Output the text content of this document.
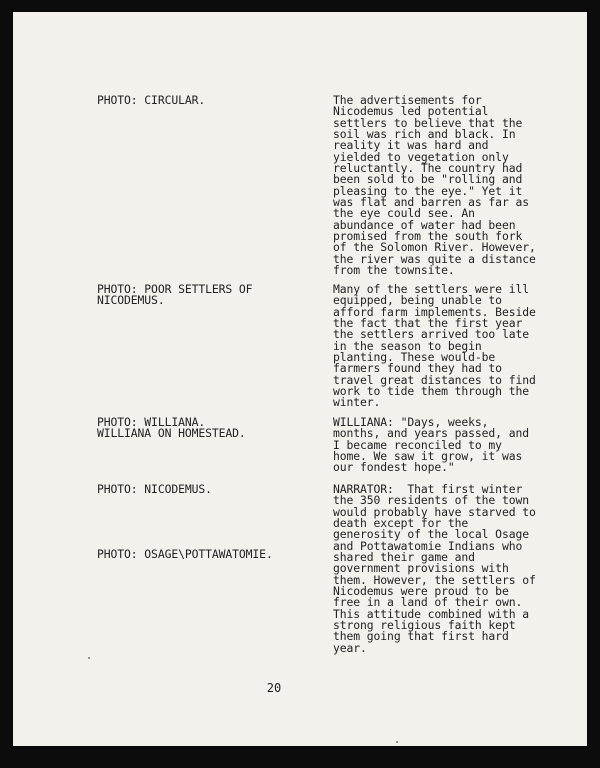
PHOTO: CIRCULAR.	The advertisements for
Nicodemus led potential
settlers to believe that the
soil was rich and black. In
reality it was hard and
yielded to vegetation only
reluctantly. The country had
been sold to be "rolling and
pleasing to the eye." Yet it
was flat and barren as far as
the eye could see. An
abundance of water had been
promised from the south fork
of the Solomon River. However,
the river was quite a distance
from the townsite.
PHOTO: POOR SETTLERS OF
NICODEMUS.
Many of the settlers were ill
equipped, being unable to
afford farm implements. Beside
the fact that the first year
the settlers arrived too late
in the season to begin
planting. These would-be
farmers found they had to
travel great distances to find
work to tide them through the
winter.
PHOTO: WILLIANA.
WILLIANA ON HOMESTEAD.
WILLIANA: "Days, weeks,
months, and years passed, and
I became reconciled to my
home. We saw it grow, it was
our fondest hope."
PHOTO: NICODEMUS.	NARRATOR:  That first winter
the 350 residents of the town
would probably have starved to
death except for the
generosity of the local Osage
and Pottawatomie Indians who
shared their game and
government provisions with
them. However, the settlers of
Nicodemus were proud to be
free in a land of their own.
This attitude combined with a
strong religious faith kept
them going that first hard
year.
PHOTO: OSAGE\POTTAWATOMIE.
20
